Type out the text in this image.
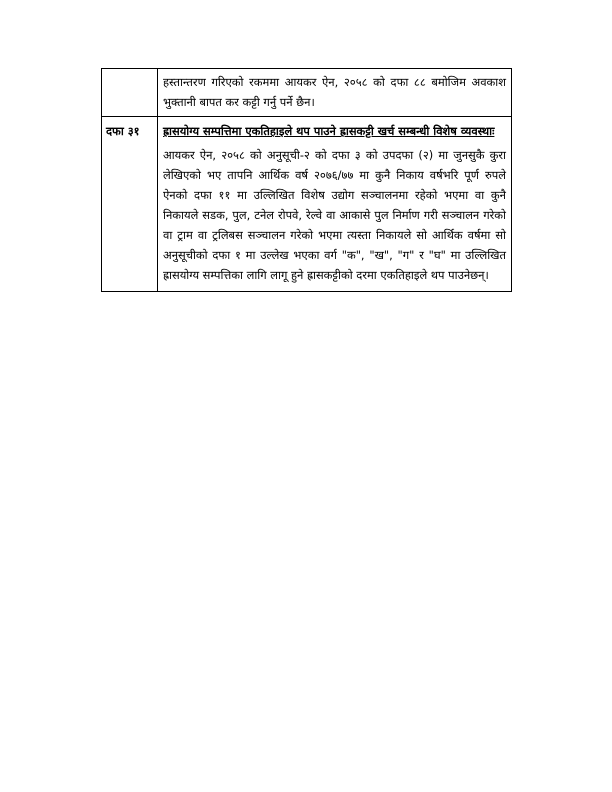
	हस्तान्तरण गरिएको रकममा आयकर ऐन, २०५८ को दफा ८८ बमोजिम अवकाश भुक्तानी बापत कर कट्टी गर्नु पर्ने छैन।

दफा ३१	ह्रासयोग्य सम्पत्तिमा एकतिहाइले थप पाउने ह्रासकट्टी खर्च सम्बन्धी विशेष व्यवस्थाः

आयकर ऐन, २०५८ को अनुसूची-२ को दफा ३ को उपदफा (२) मा जुनसुकै कुरा लेखिएको भए तापनि आर्थिक वर्ष २०७६/७७ मा कुनै निकाय वर्षभरि पूर्ण रुपले ऐनको दफा ११ मा उल्लिखित विशेष उद्योग सञ्चालनमा रहेको भएमा वा कुनै निकायले सडक, पुल, टनेल रोपवे, रेल्वे वा आकासे पुल निर्माण गरी सञ्चालन गरेको वा ट्राम वा ट्रलिबस सञ्चालन गरेको भएमा त्यस्ता निकायले सो आर्थिक वर्षमा सो अनुसूचीको दफा १ मा उल्लेख भएका वर्ग "क", "ख", "ग" र "घ" मा उल्लिखित ह्रासयोग्य सम्पत्तिका लागि लागू हुने ह्रासकट्टीको दरमा एकतिहाइले थप पाउनेछन्।
